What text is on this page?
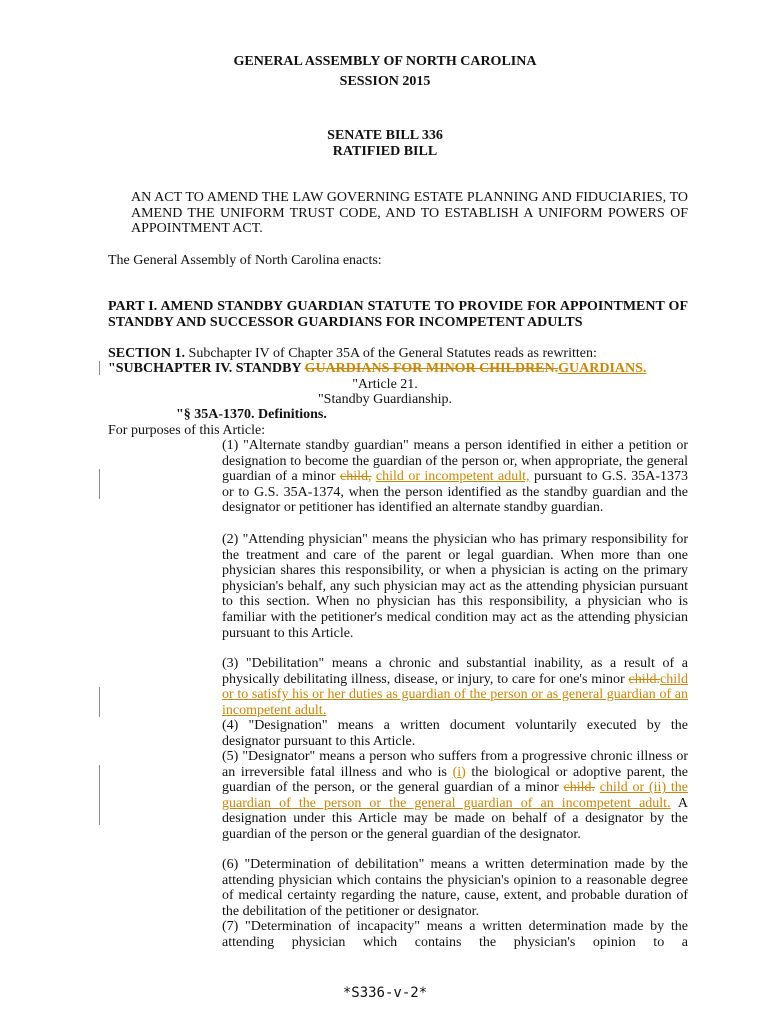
GENERAL ASSEMBLY OF NORTH CAROLINA
SESSION 2015
SENATE BILL 336
RATIFIED BILL
AN ACT TO AMEND THE LAW GOVERNING ESTATE PLANNING AND FIDUCIARIES, TO AMEND THE UNIFORM TRUST CODE, AND TO ESTABLISH A UNIFORM POWERS OF APPOINTMENT ACT.
The General Assembly of North Carolina enacts:
PART I. AMEND STANDBY GUARDIAN STATUTE TO PROVIDE FOR APPOINTMENT OF STANDBY AND SUCCESSOR GUARDIANS FOR INCOMPETENT ADULTS
SECTION 1. Subchapter IV of Chapter 35A of the General Statutes reads as rewritten:
"SUBCHAPTER IV. STANDBY GUARDIANS FOR MINOR CHILDREN.GUARDIANS.
"Article 21.
"Standby Guardianship.
"§ 35A-1370. Definitions.
For purposes of this Article:
(1) "Alternate standby guardian" means a person identified in either a petition or designation to become the guardian of the person or, when appropriate, the general guardian of a minor child, child or incompetent adult, pursuant to G.S. 35A-1373 or to G.S. 35A-1374, when the person identified as the standby guardian and the designator or petitioner has identified an alternate standby guardian.
(2) "Attending physician" means the physician who has primary responsibility for the treatment and care of the parent or legal guardian. When more than one physician shares this responsibility, or when a physician is acting on the primary physician's behalf, any such physician may act as the attending physician pursuant to this section. When no physician has this responsibility, a physician who is familiar with the petitioner's medical condition may act as the attending physician pursuant to this Article.
(3) "Debilitation" means a chronic and substantial inability, as a result of a physically debilitating illness, disease, or injury, to care for one's minor child.child or to satisfy his or her duties as guardian of the person or as general guardian of an incompetent adult.
(4) "Designation" means a written document voluntarily executed by the designator pursuant to this Article.
(5) "Designator" means a person who suffers from a progressive chronic illness or an irreversible fatal illness and who is (i) the biological or adoptive parent, the guardian of the person, or the general guardian of a minor child. child or (ii) the guardian of the person or the general guardian of an incompetent adult. A designation under this Article may be made on behalf of a designator by the guardian of the person or the general guardian of the designator.
(6) "Determination of debilitation" means a written determination made by the attending physician which contains the physician's opinion to a reasonable degree of medical certainty regarding the nature, cause, extent, and probable duration of the debilitation of the petitioner or designator.
(7) "Determination of incapacity" means a written determination made by the attending physician which contains the physician's opinion to a
*S336-v-2*
